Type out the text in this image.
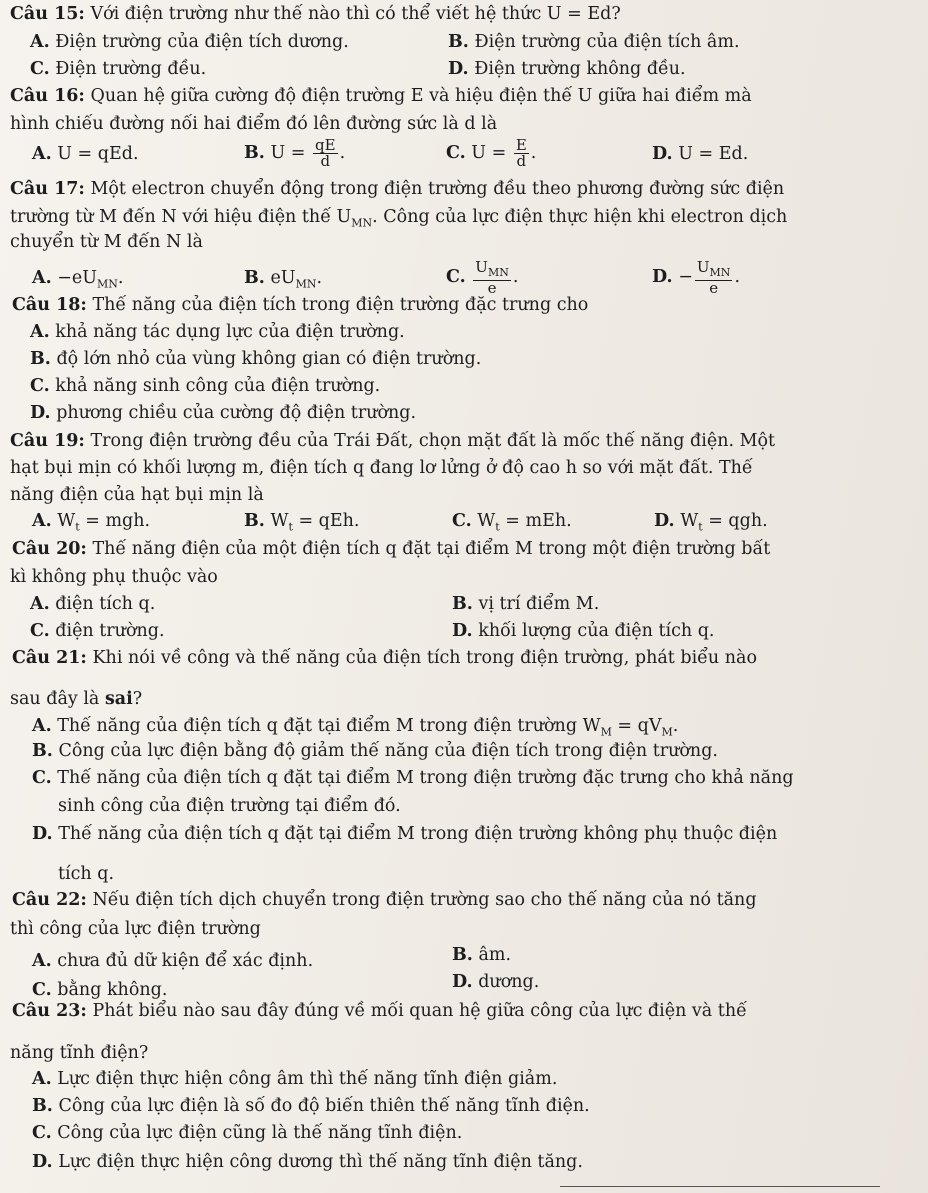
Câu 15: Với điện trường như thế nào thì có thể viết hệ thức U = Ed?
A. Điện trường của điện tích dương.	B. Điện trường của điện tích âm.
C. Điện trường đều.	D. Điện trường không đều.
Câu 16: Quan hệ giữa cường độ điện trường E và hiệu điện thế U giữa hai điểm mà
hình chiếu đường nối hai điểm đó lên đường sức là d là
A. U = qEd.	B. $U = \frac{qE}{d}$ .	C. $U = \frac{E}{d}$ .	D. U = Ed.
Câu 17: Một electron chuyển động trong điện trường đều theo phương đường sức điện
trường từ M đến N với hiệu điện thế $U_{MN}$. Công của lực điện thực hiện khi electron dịch
chuyển từ M đến N là
A. $-eU_{MN}$.	B. $eU_{MN}$.	C. $\frac{U_{MN}}{e}$ .	D. − $\frac{U_{MN}}{e}$ .
Câu 18: Thế năng của điện tích trong điện trường đặc trưng cho
A. khả năng tác dụng lực của điện trường.
B. độ lớn nhỏ của vùng không gian có điện trường.
C. khả năng sinh công của điện trường.
D. phương chiều của cường độ điện trường.
Câu 19: Trong điện trường đều của Trái Đất, chọn mặt đất là mốc thế năng điện. Một
hạt bụi mịn có khối lượng m, điện tích q đang lơ lửng ở độ cao h so với mặt đất. Thế
năng điện của hạt bụi mịn là
A. $W_t$ = mgh.	B. $W_t$ = qEh.	C. $W_t$ = mEh.	D. $W_t$ = qgh.
Câu 20: Thế năng điện của một điện tích q đặt tại điểm M trong một điện trường bất
kì không phụ thuộc vào
A. điện tích q.	B. vị trí điểm M.
C. điện trường.	D. khối lượng của điện tích q.
Câu 21: Khi nói về công và thế năng của điện tích trong điện trường, phát biểu nào
sau đây là sai?
A. Thế năng của điện tích q đặt tại điểm M trong điện trường $W_M = qV_M$.
B. Công của lực điện bằng độ giảm thế năng của điện tích trong điện trường.
C. Thế năng của điện tích q đặt tại điểm M trong điện trường đặc trưng cho khả năng
sinh công của điện trường tại điểm đó.
D. Thế năng của điện tích q đặt tại điểm M trong điện trường không phụ thuộc điện
tích q.
Câu 22: Nếu điện tích dịch chuyển trong điện trường sao cho thế năng của nó tăng
thì công của lực điện trường
A. chưa đủ dữ kiện để xác định.	B. âm.
C. bằng không.	D. dương.
Câu 23: Phát biểu nào sau đây đúng về mối quan hệ giữa công của lực điện và thế
năng tĩnh điện?
A. Lực điện thực hiện công âm thì thế năng tĩnh điện giảm.
B. Công của lực điện là số đo độ biến thiên thế năng tĩnh điện.
C. Công của lực điện cũng là thế năng tĩnh điện.
D. Lực điện thực hiện công dương thì thế năng tĩnh điện tăng.
